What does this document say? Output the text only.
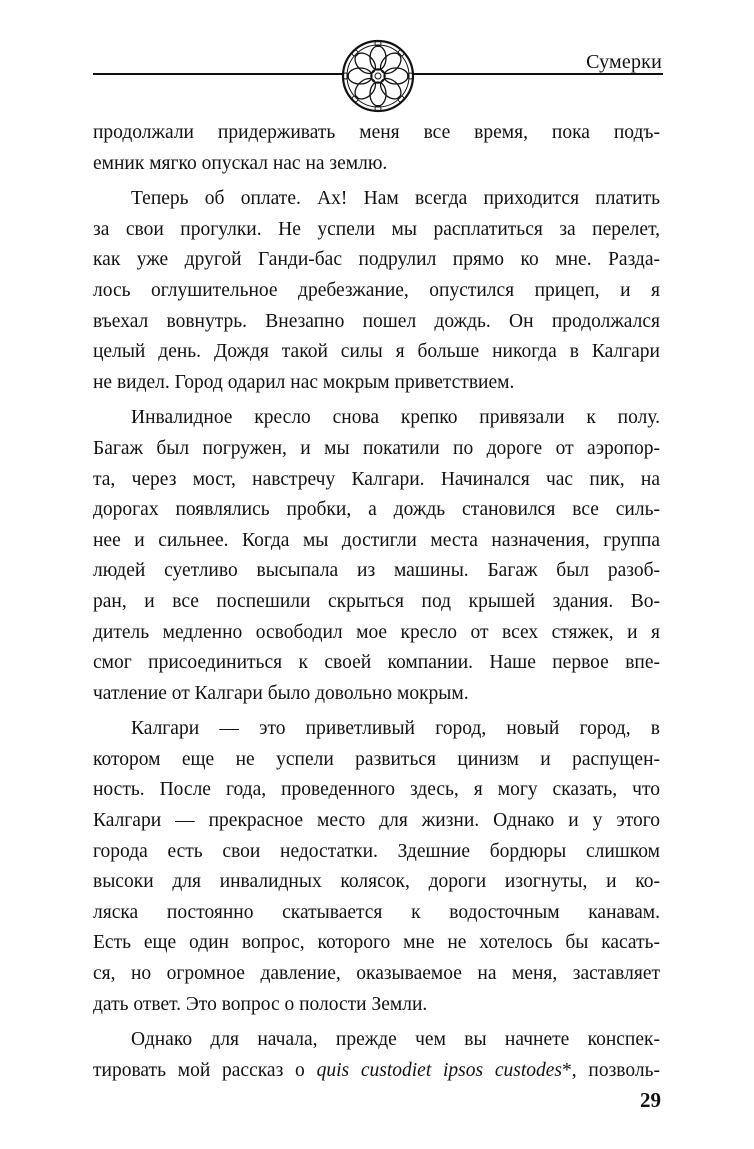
Сумерки
продолжали придерживать меня все время, пока подъ-
емник мягко опускал нас на землю.
Теперь об оплате. Ах! Нам всегда приходится платить
за свои прогулки. Не успели мы расплатиться за перелет,
как уже другой Ганди-бас подрулил прямо ко мне. Разда-
лось оглушительное дребезжание, опустился прицеп, и я
въехал вовнутрь. Внезапно пошел дождь. Он продолжался
целый день. Дождя такой силы я больше никогда в Калгари
не видел. Город одарил нас мокрым приветствием.
Инвалидное кресло снова крепко привязали к полу.
Багаж был погружен, и мы покатили по дороге от аэропор-
та, через мост, навстречу Калгари. Начинался час пик, на
дорогах появлялись пробки, а дождь становился все силь-
нее и сильнее. Когда мы достигли места назначения, группа
людей суетливо высыпала из машины. Багаж был разоб-
ран, и все поспешили скрыться под крышей здания. Во-
дитель медленно освободил мое кресло от всех стяжек, и я
смог присоединиться к своей компании. Наше первое впе-
чатление от Калгари было довольно мокрым.
Калгари — это приветливый город, новый город, в
котором еще не успели развиться цинизм и распущен-
ность. После года, проведенного здесь, я могу сказать, что
Калгари — прекрасное место для жизни. Однако и у этого
города есть свои недостатки. Здешние бордюры слишком
высоки для инвалидных колясок, дороги изогнуты, и ко-
ляска постоянно скатывается к водосточным канавам.
Есть еще один вопрос, которого мне не хотелось бы касать-
ся, но огромное давление, оказываемое на меня, заставляет
дать ответ. Это вопрос о полости Земли.
Однако для начала, прежде чем вы начнете конспек-
тировать мой рассказ о quis custodiet ipsos custodes*, позволь-
29
